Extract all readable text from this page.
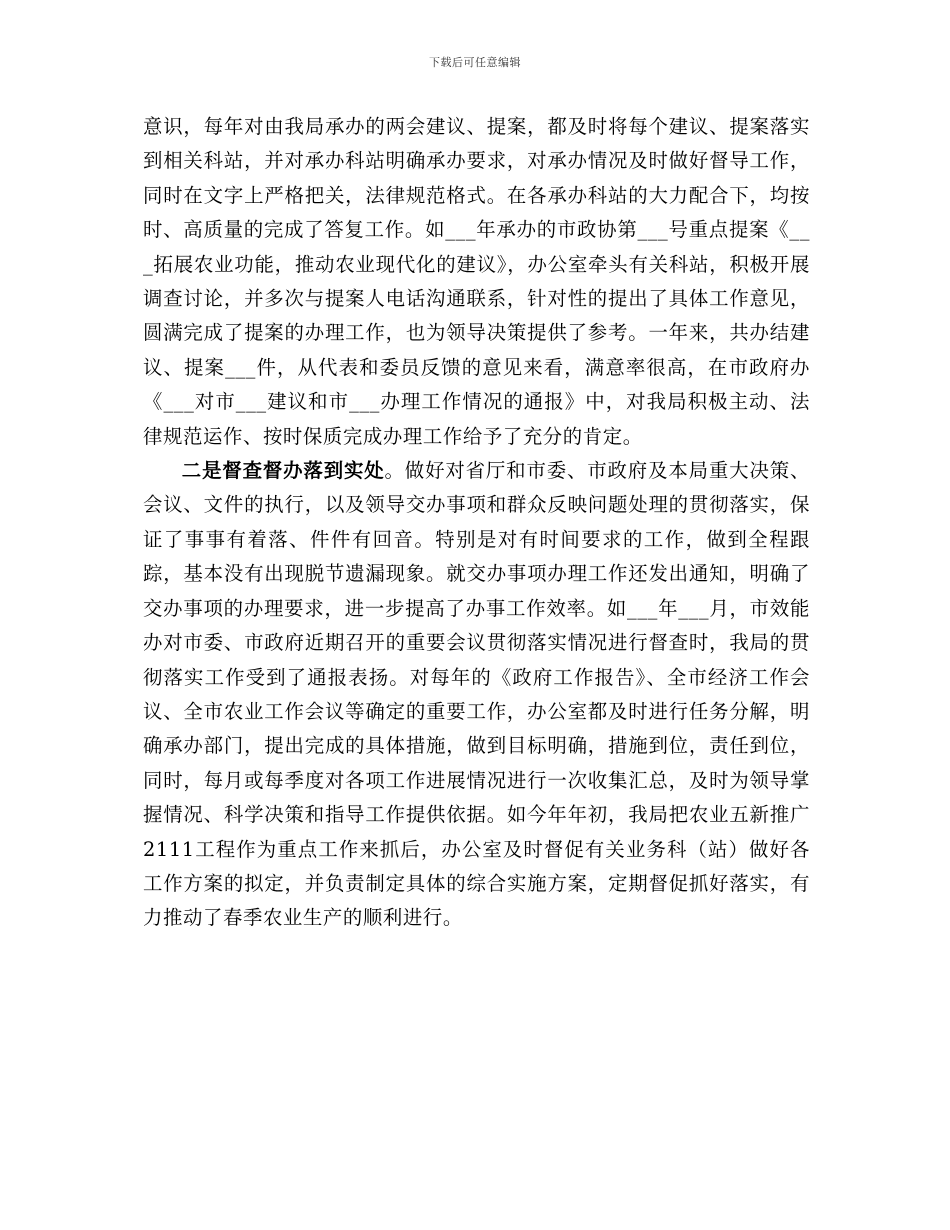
下载后可任意编辑

意识，每年对由我局承办的两会建议、提案，都及时将每个建议、提案落实到相关科站，并对承办科站明确承办要求，对承办情况及时做好督导工作，同时在文字上严格把关，法律规范格式。在各承办科站的大力配合下，均按时、高质量的完成了答复工作。如___年承办的市政协第___号重点提案《___拓展农业功能，推动农业现代化的建议》，办公室牵头有关科站，积极开展调查讨论，并多次与提案人电话沟通联系，针对性的提出了具体工作意见，圆满完成了提案的办理工作，也为领导决策提供了参考。一年来，共办结建议、提案___件，从代表和委员反馈的意见来看，满意率很高，在市政府办《___对市___建议和市___办理工作情况的通报》中，对我局积极主动、法律规范运作、按时保质完成办理工作给予了充分的肯定。

二是督查督办落到实处。做好对省厅和市委、市政府及本局重大决策、会议、文件的执行，以及领导交办事项和群众反映问题处理的贯彻落实，保证了事事有着落、件件有回音。特别是对有时间要求的工作，做到全程跟踪，基本没有出现脱节遗漏现象。就交办事项办理工作还发出通知，明确了交办事项的办理要求，进一步提高了办事工作效率。如___年___月，市效能办对市委、市政府近期召开的重要会议贯彻落实情况进行督查时，我局的贯彻落实工作受到了通报表扬。对每年的《政府工作报告》、全市经济工作会议、全市农业工作会议等确定的重要工作，办公室都及时进行任务分解，明确承办部门，提出完成的具体措施，做到目标明确，措施到位，责任到位，同时，每月或每季度对各项工作进展情况进行一次收集汇总，及时为领导掌握情况、科学决策和指导工作提供依据。如今年年初，我局把农业五新推广2111工程作为重点工作来抓后，办公室及时督促有关业务科（站）做好各工作方案的拟定，并负责制定具体的综合实施方案，定期督促抓好落实，有力推动了春季农业生产的顺利进行。
